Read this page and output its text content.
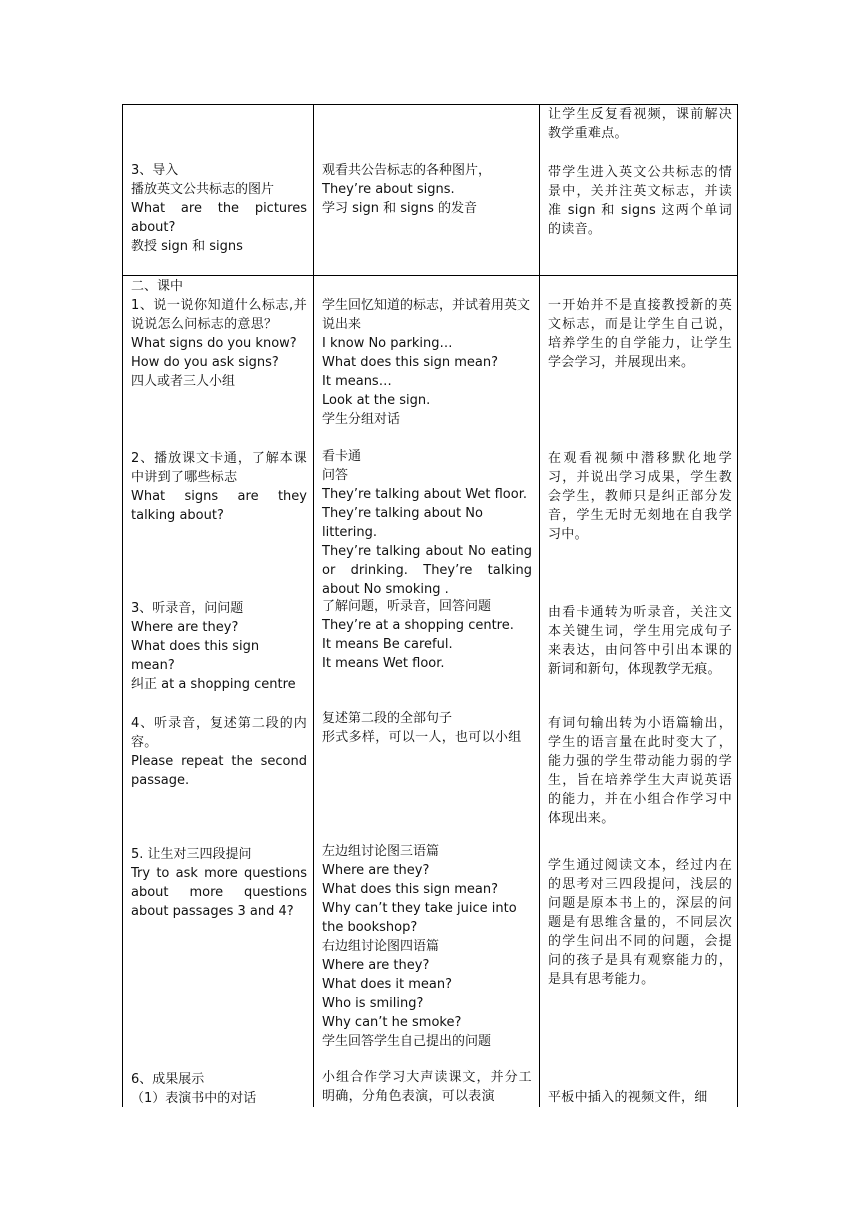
让学生反复看视频，课前解决教学重难点。
3、导入
播放英文公共标志的图片
What are the pictures about?
教授 sign 和 signs
观看共公告标志的各种图片，
They’re about signs.
学习 sign 和 signs 的发音
带学生进入英文公共标志的情景中，关并注英文标志，并读准 sign 和 signs 这两个单词的读音。
二、课中
1、说一说你知道什么标志,并说说怎么问标志的意思？
What signs do you know?
How do you ask signs?
四人或者三人小组
学生回忆知道的标志，并试着用英文说出来
I know No parking…
What does this sign mean?
It means…
Look at the sign.
学生分组对话
一开始并不是直接教授新的英文标志，而是让学生自己说，培养学生的自学能力，让学生学会学习，并展现出来。
2、播放课文卡通，了解本课中讲到了哪些标志
What signs are they talking about?
看卡通
问答
They’re talking about Wet floor.
They’re talking about No littering.
They’re talking about No eating or drinking. They’re talking about No smoking .
在观看视频中潜移默化地学习，并说出学习成果，学生教会学生，教师只是纠正部分发音，学生无时无刻地在自我学习中。
3、听录音，问问题
Where are they?
What does this sign mean?
纠正 at a shopping centre
了解问题，听录音，回答问题
They’re at a shopping centre.
It means Be careful.
It means Wet floor.
由看卡通转为听录音，关注文本关键生词，学生用完成句子来表达，由问答中引出本课的新词和新句，体现教学无痕。
4、听录音，复述第二段的内容。
Please repeat the second passage.
复述第二段的全部句子
形式多样，可以一人，也可以小组
有词句输出转为小语篇输出，学生的语言量在此时变大了，能力强的学生带动能力弱的学生，旨在培养学生大声说英语的能力，并在小组合作学习中体现出来。
5. 让生对三四段提问
Try to ask more questions about more questions about passages 3 and 4?
左边组讨论图三语篇
Where are they?
What does this sign mean?
Why can’t they take juice into the bookshop?
右边组讨论图四语篇
Where are they?
What does it mean?
Who is smiling?
Why can’t he smoke?
学生回答学生自己提出的问题
学生通过阅读文本，经过内在的思考对三四段提问，浅层的问题是原本书上的，深层的问题是有思维含量的，不同层次的学生问出不同的问题，会提问的孩子是具有观察能力的，是具有思考能力。
6、成果展示
（1）表演书中的对话
小组合作学习大声读课文，并分工明确，分角色表演，可以表演	平板中插入的视频文件，细
